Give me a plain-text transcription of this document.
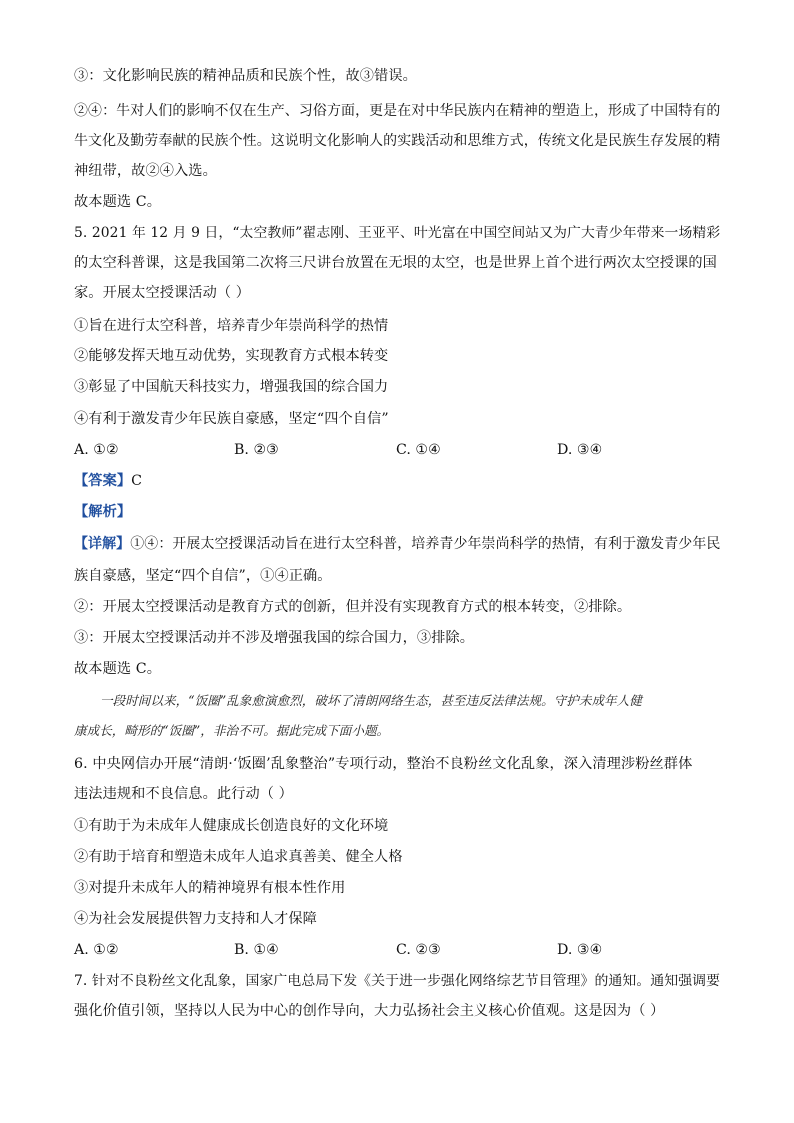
③：文化影响民族的精神品质和民族个性，故③错误。
②④：牛对人们的影响不仅在生产、习俗方面，更是在对中华民族内在精神的塑造上，形成了中国特有的
牛文化及勤劳奉献的民族个性。这说明文化影响人的实践活动和思维方式，传统文化是民族生存发展的精
神纽带，故②④入选。
故本题选 C。
5. 2021 年 12 月 9 日，“太空教师”翟志刚、王亚平、叶光富在中国空间站又为广大青少年带来一场精彩
的太空科普课，这是我国第二次将三尺讲台放置在无垠的太空，也是世界上首个进行两次太空授课的国
家。开展太空授课活动（ ）
①旨在进行太空科普，培养青少年崇尚科学的热情
②能够发挥天地互动优势，实现教育方式根本转变
③彰显了中国航天科技实力，增强我国的综合国力
④有利于激发青少年民族自豪感，坚定“四个自信”
A. ①②	B. ②③	C. ①④	D. ③④
【答案】C
【解析】
【详解】①④：开展太空授课活动旨在进行太空科普，培养青少年崇尚科学的热情，有利于激发青少年民
族自豪感，坚定“四个自信”，①④正确。
②：开展太空授课活动是教育方式的创新，但并没有实现教育方式的根本转变，②排除。
③：开展太空授课活动并不涉及增强我国的综合国力，③排除。
故本题选 C。
一段时间以来，“饭圈”乱象愈演愈烈，破坏了清朗网络生态，甚至违反法律法规。守护未成年人健
康成长，畸形的“饭圈”，非治不可。据此完成下面小题。
6. 中央网信办开展“清朗·‘饭圈’乱象整治”专项行动，整治不良粉丝文化乱象，深入清理涉粉丝群体
违法违规和不良信息。此行动（ ）
①有助于为未成年人健康成长创造良好的文化环境
②有助于培育和塑造未成年人追求真善美、健全人格
③对提升未成年人的精神境界有根本性作用
④为社会发展提供智力支持和人才保障
A. ①②	B. ①④	C. ②③	D. ③④
7. 针对不良粉丝文化乱象，国家广电总局下发《关于进一步强化网络综艺节目管理》的通知。通知强调要
强化价值引领，坚持以人民为中心的创作导向，大力弘扬社会主义核心价值观。这是因为（ ）
